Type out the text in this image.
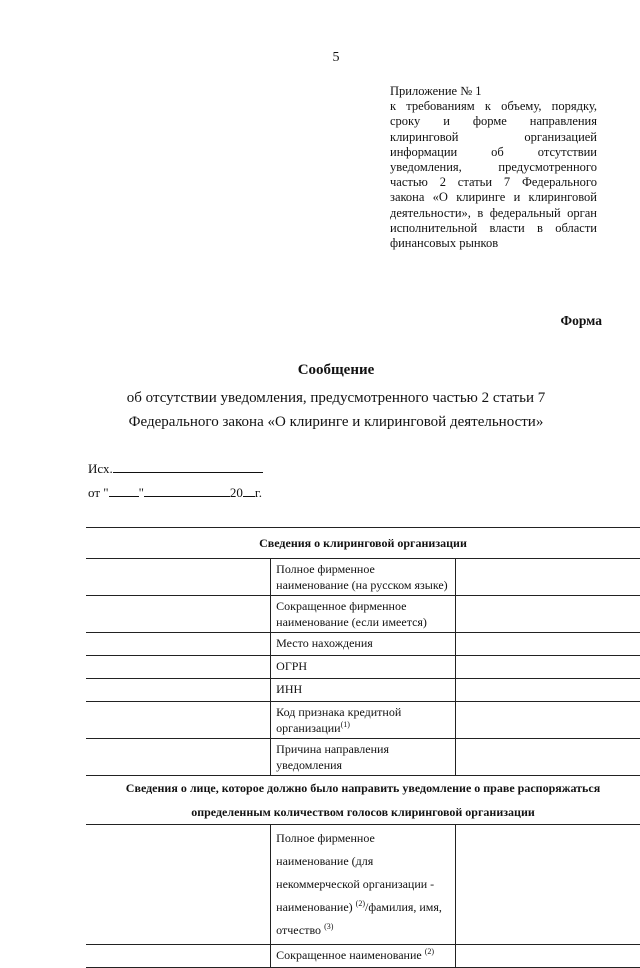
5
Приложение № 1
к требованиям к объему, порядку, сроку и форме направления клиринговой организацией информации об отсутствии уведомления, предусмотренного частью 2 статьи 7 Федерального закона «О клиринге и клиринговой деятельности», в федеральный орган исполнительной власти в области финансовых рынков
Форма
Сообщение
об отсутствии уведомления, предусмотренного частью 2 статьи 7
Федерального закона «О клиринге и клиринговой деятельности»
Исх.
от " "	20 г.
Сведения о клиринговой организации		
	Полное фирменное наименование (на русском языке)	
	Сокращенное фирменное наименование (если имеется)	
	Место нахождения	
	ОГРН	
	ИНН	
	Код признака кредитной организации$^{(1)}$	
	Причина направления уведомления	
Сведения о лице, которое должно было направить уведомление о праве распоряжаться определенным количеством голосов клиринговой организации		
	Полное фирменное наименование (для некоммерческой организации - наименование) $^{(2)}$/фамилия, имя, отчество $^{(3)}$	
	Сокращенное наименование $^{(2)}$	
